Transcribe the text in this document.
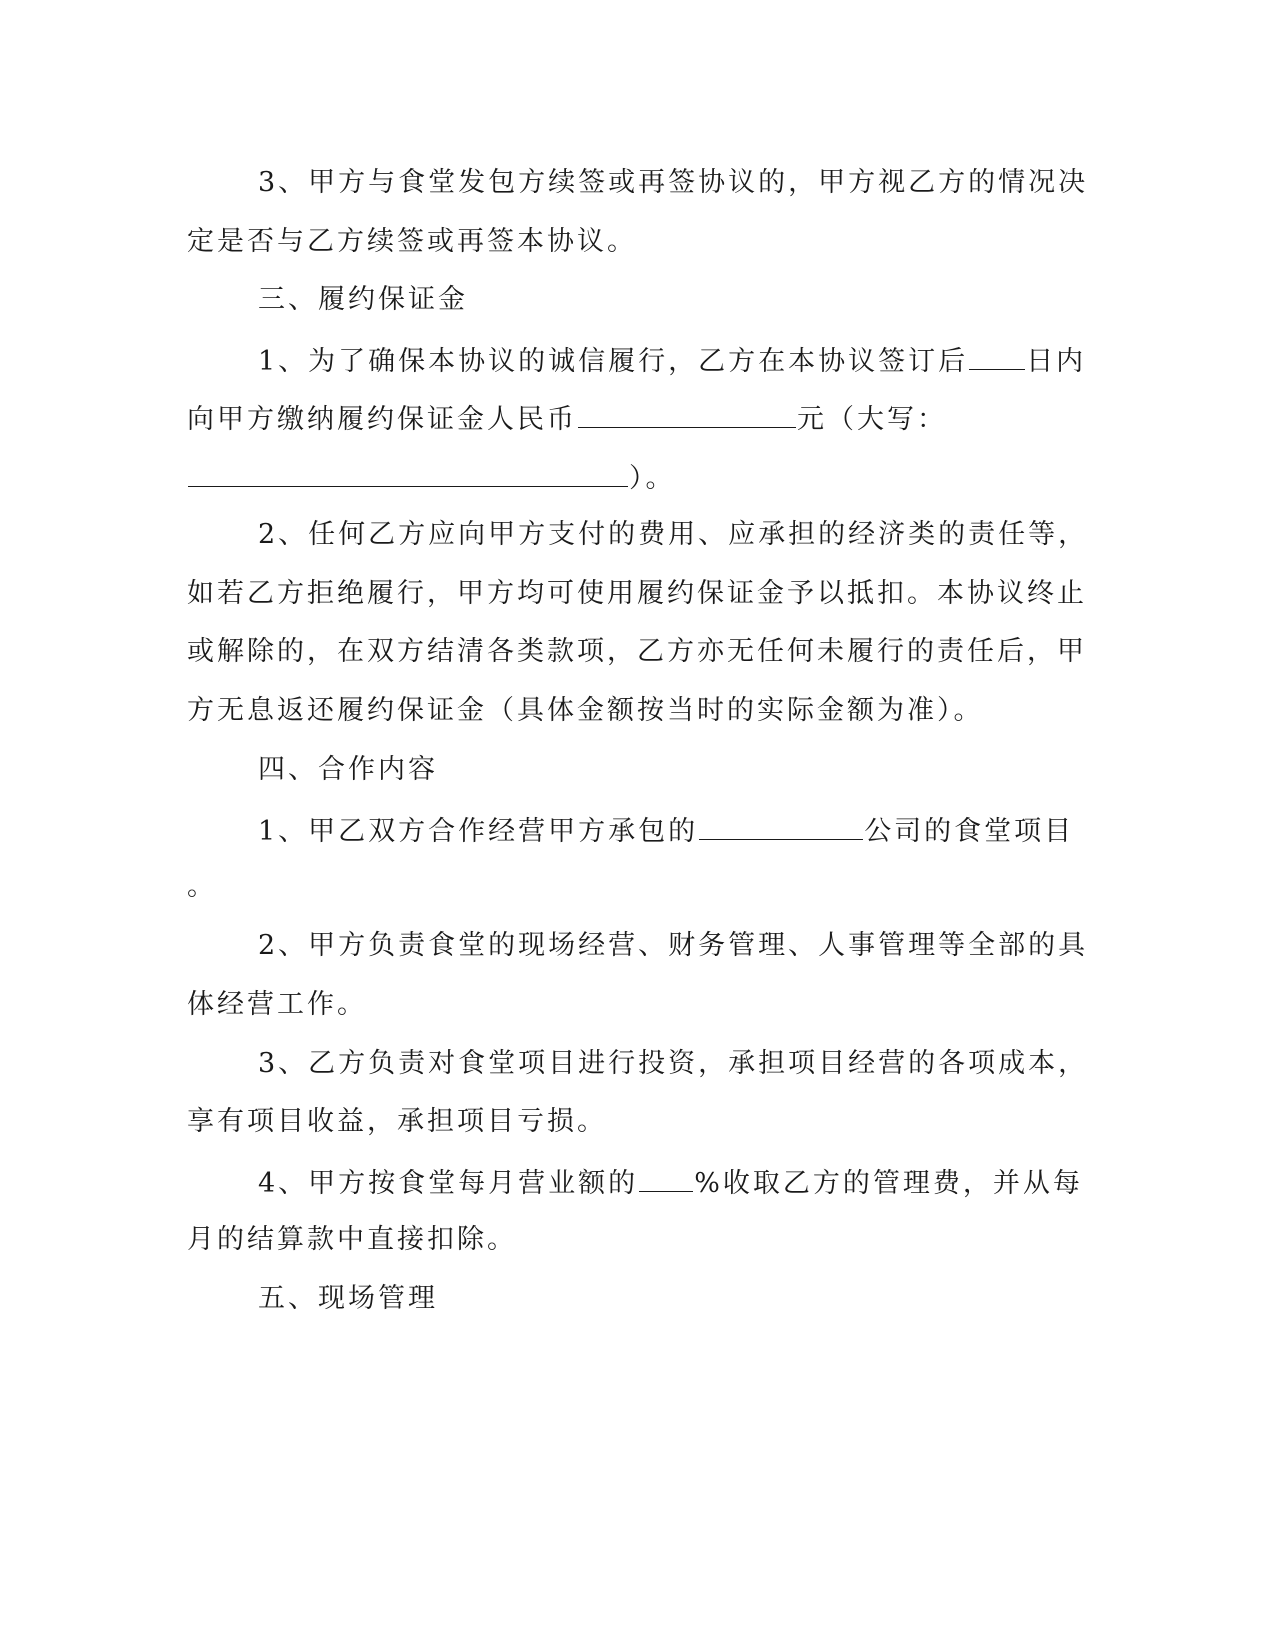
3、甲方与食堂发包方续签或再签协议的，甲方视乙方的情况决
定是否与乙方续签或再签本协议。
三、履约保证金
1、为了确保本协议的诚信履行，乙方在本协议签订后 日内
向甲方缴纳履约保证金人民币	元（大写：
）。
2、任何乙方应向甲方支付的费用、应承担的经济类的责任等，
如若乙方拒绝履行，甲方均可使用履约保证金予以抵扣。本协议终止
或解除的，在双方结清各类款项，乙方亦无任何未履行的责任后，甲
方无息返还履约保证金（具体金额按当时的实际金额为准）。
四、合作内容
1、甲乙双方合作经营甲方承包的	公司的食堂项目
。
2、甲方负责食堂的现场经营、财务管理、人事管理等全部的具
体经营工作。
3、乙方负责对食堂项目进行投资，承担项目经营的各项成本，
享有项目收益，承担项目亏损。
4、甲方按食堂每月营业额的 %收取乙方的管理费，并从每
月的结算款中直接扣除。
五、现场管理
